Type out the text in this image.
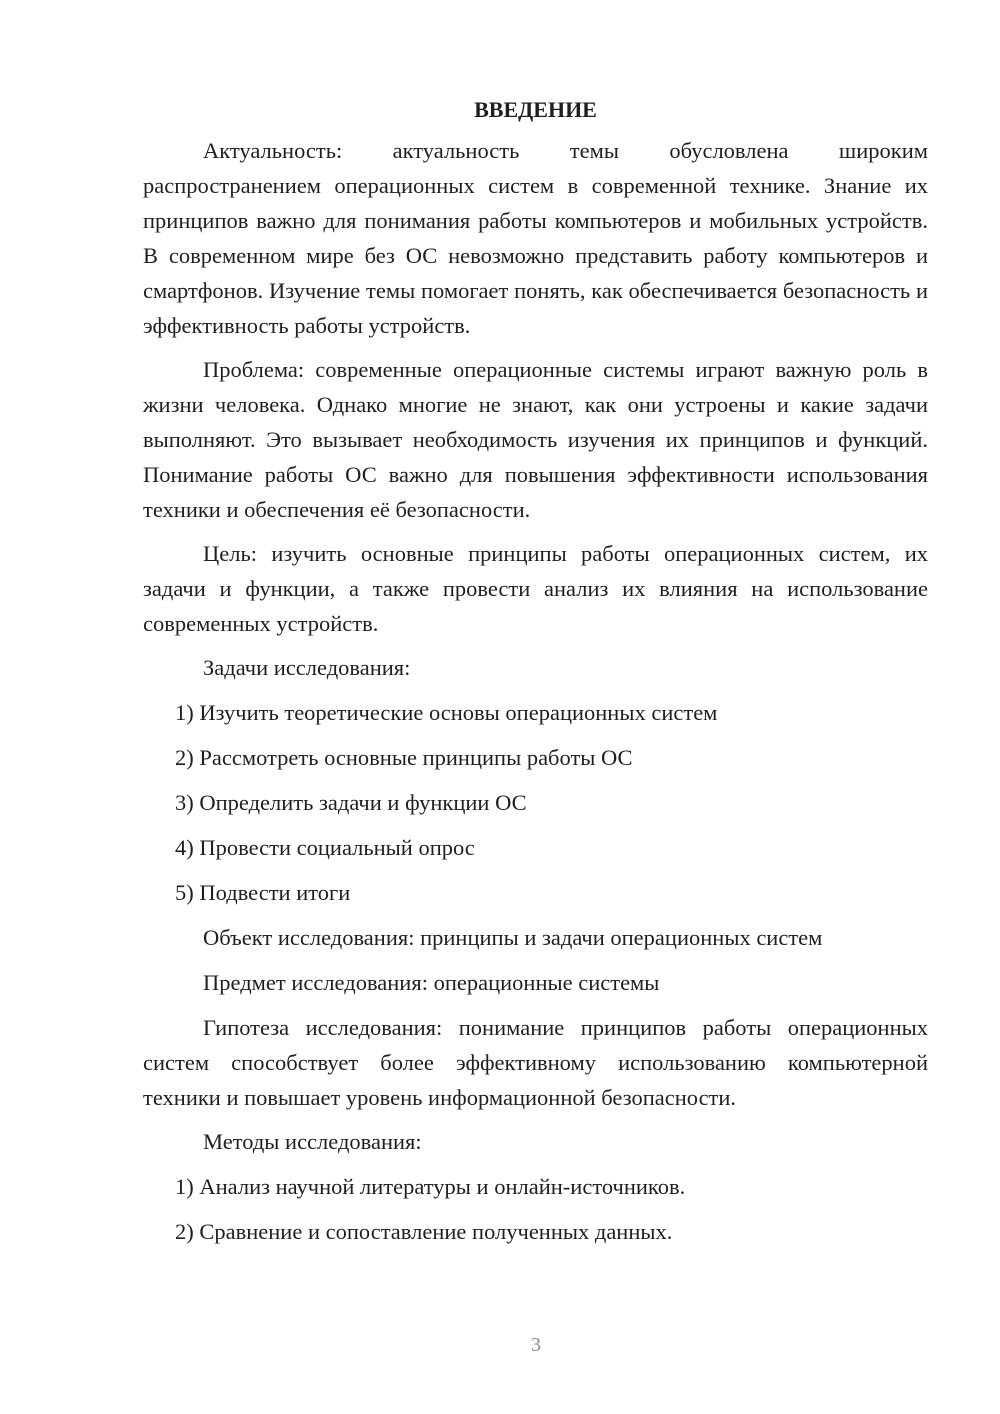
ВВЕДЕНИЕ

Актуальность: актуальность темы обусловлена широким распространением операционных систем в современной технике. Знание их принципов важно для понимания работы компьютеров и мобильных устройств. В современном мире без ОС невозможно представить работу компьютеров и смартфонов. Изучение темы помогает понять, как обеспечивается безопасность и эффективность работы устройств.

Проблема: современные операционные системы играют важную роль в жизни человека. Однако многие не знают, как они устроены и какие задачи выполняют. Это вызывает необходимость изучения их принципов и функций. Понимание работы ОС важно для повышения эффективности использования техники и обеспечения её безопасности.

Цель: изучить основные принципы работы операционных систем, их задачи и функции, а также провести анализ их влияния на использование современных устройств.

Задачи исследования:
1) Изучить теоретические основы операционных систем
2) Рассмотреть основные принципы работы ОС
3) Определить задачи и функции ОС
4) Провести социальный опрос
5) Подвести итоги
Объект исследования: принципы и задачи операционных систем
Предмет исследования: операционные системы

Гипотеза исследования: понимание принципов работы операционных систем способствует более эффективному использованию компьютерной техники и повышает уровень информационной безопасности.

Методы исследования:
1) Анализ научной литературы и онлайн-источников.
2) Сравнение и сопоставление полученных данных.
3
